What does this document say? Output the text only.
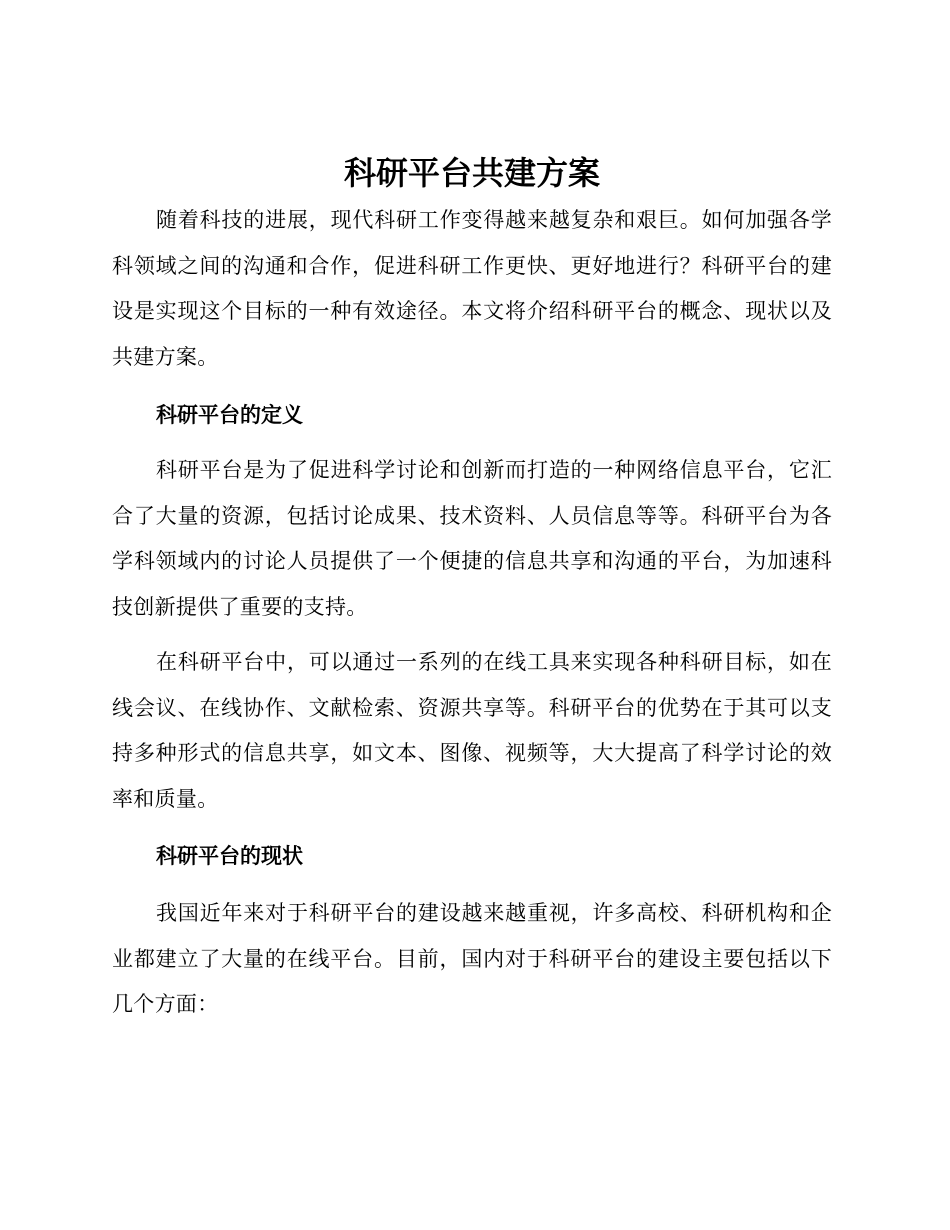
科研平台共建方案

随着科技的进展，现代科研工作变得越来越复杂和艰巨。如何加强各学科领域之间的沟通和合作，促进科研工作更快、更好地进行？科研平台的建设是实现这个目标的一种有效途径。本文将介绍科研平台的概念、现状以及共建方案。

科研平台的定义

科研平台是为了促进科学讨论和创新而打造的一种网络信息平台，它汇合了大量的资源，包括讨论成果、技术资料、人员信息等等。科研平台为各学科领域内的讨论人员提供了一个便捷的信息共享和沟通的平台，为加速科技创新提供了重要的支持。

在科研平台中，可以通过一系列的在线工具来实现各种科研目标，如在线会议、在线协作、文献检索、资源共享等。科研平台的优势在于其可以支持多种形式的信息共享，如文本、图像、视频等，大大提高了科学讨论的效率和质量。

科研平台的现状

我国近年来对于科研平台的建设越来越重视，许多高校、科研机构和企业都建立了大量的在线平台。目前，国内对于科研平台的建设主要包括以下几个方面：
